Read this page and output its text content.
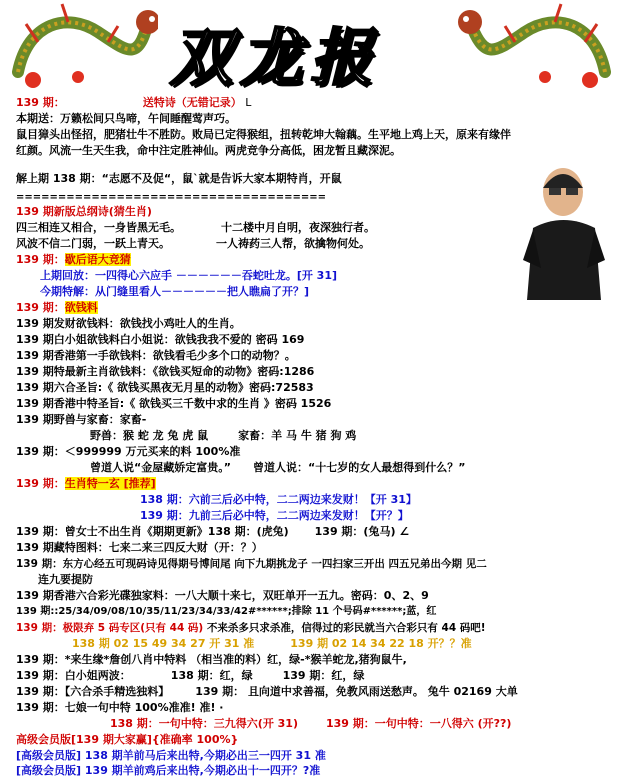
双龙报
139 期：	送特诗（无错记录） L
本期送：万籁松间只鸟啼，午间睡醒莺声巧。
鼠目獐头出怪招，肥猪壮牛不胜防。败局已定得猴组，扭转乾坤大翰藕。生平地上鸡上天，原来有缘伴
红颜。风流一生天生我，命中注定胜神仙。两虎竞争分高低，困龙暂且藏深泥。
解上期 138 期：“志愿不及促“，鼠`就是告诉大家本期特肖，开鼠
=====================================
139 期新版总纲诗(猜生肖)
四三相连又相合，一身皆黑无毛。	十二楼中月自明，夜深独行者。
风波不信二门弱，一跃上青天。	一人祷药三人帮，欲擒物何处。
139 期：歇后语大竞猜
上期回放：一四得心六应手 －－－－－－吞蛇吐龙。[开 31]
今期特解：从门缝里看人－－－－－－把人瞧扁了开？]
139 期：欲钱料
139 期发财欲钱料：欲钱找小鸡吐人的生肖。
139 期白小姐欲钱料白小姐说：欲钱我我不爱的 密码 169
139 期香港第一手欲钱料：欲钱看毛少多个口的动物？。
139 期特最新主肖欲钱料：《欲钱买短命的动物》密码:1286
139 期六合圣旨:《 欲钱买黑夜无月星的动物》密码:72583
139 期香港中特圣旨:《 欲钱买三千数中求的生肖 》密码 1526
139 期野兽与家畜：家畜-
野兽：猴 蛇 龙 兔 虎 鼠	家畜：羊 马 牛 猪 狗 鸡
139 期：＜999999 万元买来的料 100%准
曾道人说“金屋藏娇定富贵。” 曾道人说：“十七岁的女人最想得到什么？”
139 期：生肖特一玄 [推荐]
138 期：六前三后必中特，二二两边来发财！【开 31】
139 期：九前三后必中特，二二两边来发财！【开？】
139 期：曾女士不出生肖《期期更新》138 期：(虎兔) 139 期：(兔马) ∠
139 期藏特图料：七来二来三四反大财（开：？）
139 期：东方心经五可现码诗见得期号博间尾 向下九期挑龙子 一四扫家三开出 四五兄弟出今期 见二
连九要提防
139 期香港六合彩光碟独家料：一八大顺十来七，双旺单开一五九。密码：0、2、9
139 期::25/34/09/08/10/35/11/23/34/33/42#******;排除 11 个号码#******;蓝，红
139 期：极限弃 5 码专区(只有 44 码) 不来杀多只求杀准，信得过的彩民就当六合彩只有 44 码吧!
138 期 02 15 49 34 27 开 31 准	139 期 02 14 34 22 18 开？？准
139 期：*来生缘*詹创八肖中特料 （相当准的料）红，绿-*猴羊蛇龙,猪狗鼠牛,
139 期：白小姐两波：	138 期：红，绿	139 期：红，绿
139 期：【六合杀手精选独料】 139 期： 且向道中求善福，免教风雨送愁声。 兔牛 02169 大单
139 期：七娘一句中特 100%准准! 准! ·
138 期：一句中特：三九得六(开 31)	139 期：一句中特：一八得六 (开??)
高级会员版[139 期大家赢]{准确率 100%}
[高级会员版] 138 期羊前马后来出特,今期必出三一四开 31 准
[高级会员版] 139 期羊前鸡后来出特,今期必出十一四开？?准
